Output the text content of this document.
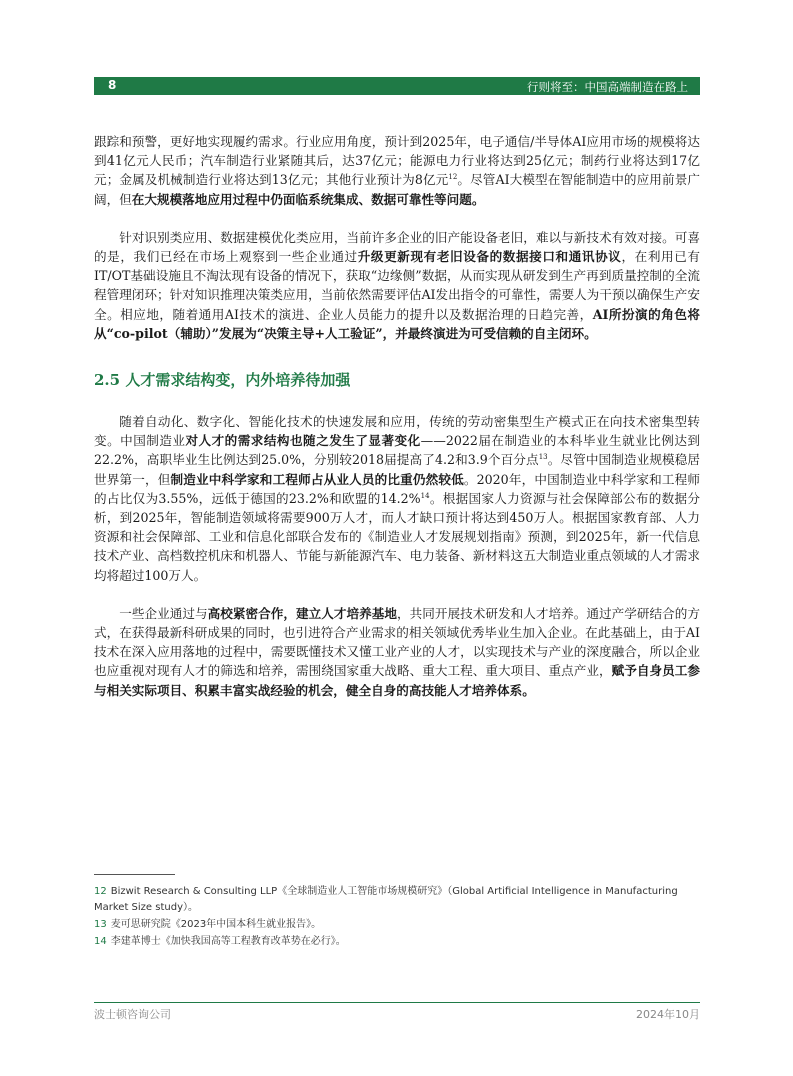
8	行则将至：中国高端制造在路上

跟踪和预警，更好地实现履约需求。行业应用角度，预计到2025年，电子通信/半导体AI应用市场的规模将达到41亿元人民币；汽车制造行业紧随其后，达37亿元；能源电力行业将达到25亿元；制药行业将达到17亿元；金属及机械制造行业将达到13亿元；其他行业预计为8亿元$^{12}$。尽管AI大模型在智能制造中的应用前景广阔，但在大规模落地应用过程中仍面临系统集成、数据可靠性等问题。

针对识别类应用、数据建模优化类应用，当前许多企业的旧产能设备老旧，难以与新技术有效对接。可喜的是，我们已经在市场上观察到一些企业通过升级更新现有老旧设备的数据接口和通讯协议，在利用已有IT/OT基础设施且不淘汰现有设备的情况下，获取“边缘侧”数据，从而实现从研发到生产再到质量控制的全流程管理闭环；针对知识推理决策类应用，当前依然需要评估AI发出指令的可靠性，需要人为干预以确保生产安全。相应地，随着通用AI技术的演进、企业人员能力的提升以及数据治理的日趋完善，AI所扮演的角色将从“co-pilot（辅助）”发展为“决策主导+人工验证”，并最终演进为可受信赖的自主闭环。

2.5 人才需求结构变，内外培养待加强

随着自动化、数字化、智能化技术的快速发展和应用，传统的劳动密集型生产模式正在向技术密集型转变。中国制造业对人才的需求结构也随之发生了显著变化——2022届在制造业的本科毕业生就业比例达到22.2%，高职毕业生比例达到25.0%，分别较2018届提高了4.2和3.9个百分点$^{13}$。尽管中国制造业规模稳居世界第一，但制造业中科学家和工程师占从业人员的比重仍然较低。2020年，中国制造业中科学家和工程师的占比仅为3.55%，远低于德国的23.2%和欧盟的14.2%$^{14}$。根据国家人力资源与社会保障部公布的数据分析，到2025年，智能制造领域将需要900万人才，而人才缺口预计将达到450万人。根据国家教育部、人力资源和社会保障部、工业和信息化部联合发布的《制造业人才发展规划指南》预测，到2025年，新一代信息技术产业、高档数控机床和机器人、节能与新能源汽车、电力装备、新材料这五大制造业重点领域的人才需求均将超过100万人。

一些企业通过与高校紧密合作，建立人才培养基地，共同开展技术研发和人才培养。通过产学研结合的方式，在获得最新科研成果的同时，也引进符合产业需求的相关领域优秀毕业生加入企业。在此基础上，由于AI技术在深入应用落地的过程中，需要既懂技术又懂工业产业的人才，以实现技术与产业的深度融合，所以企业也应重视对现有人才的筛选和培养，需围绕国家重大战略、重大工程、重大项目、重点产业，赋予自身员工参与相关实际项目、积累丰富实战经验的机会，健全自身的高技能人才培养体系。

12 Bizwit Research & Consulting LLP《全球制造业人工智能市场规模研究》（Global Artificial Intelligence in Manufacturing Market Size study）。
13 麦可思研究院《2023年中国本科生就业报告》。
14 李建革博士《加快我国高等工程教育改革势在必行》。
波士顿咨询公司	2024年10月
